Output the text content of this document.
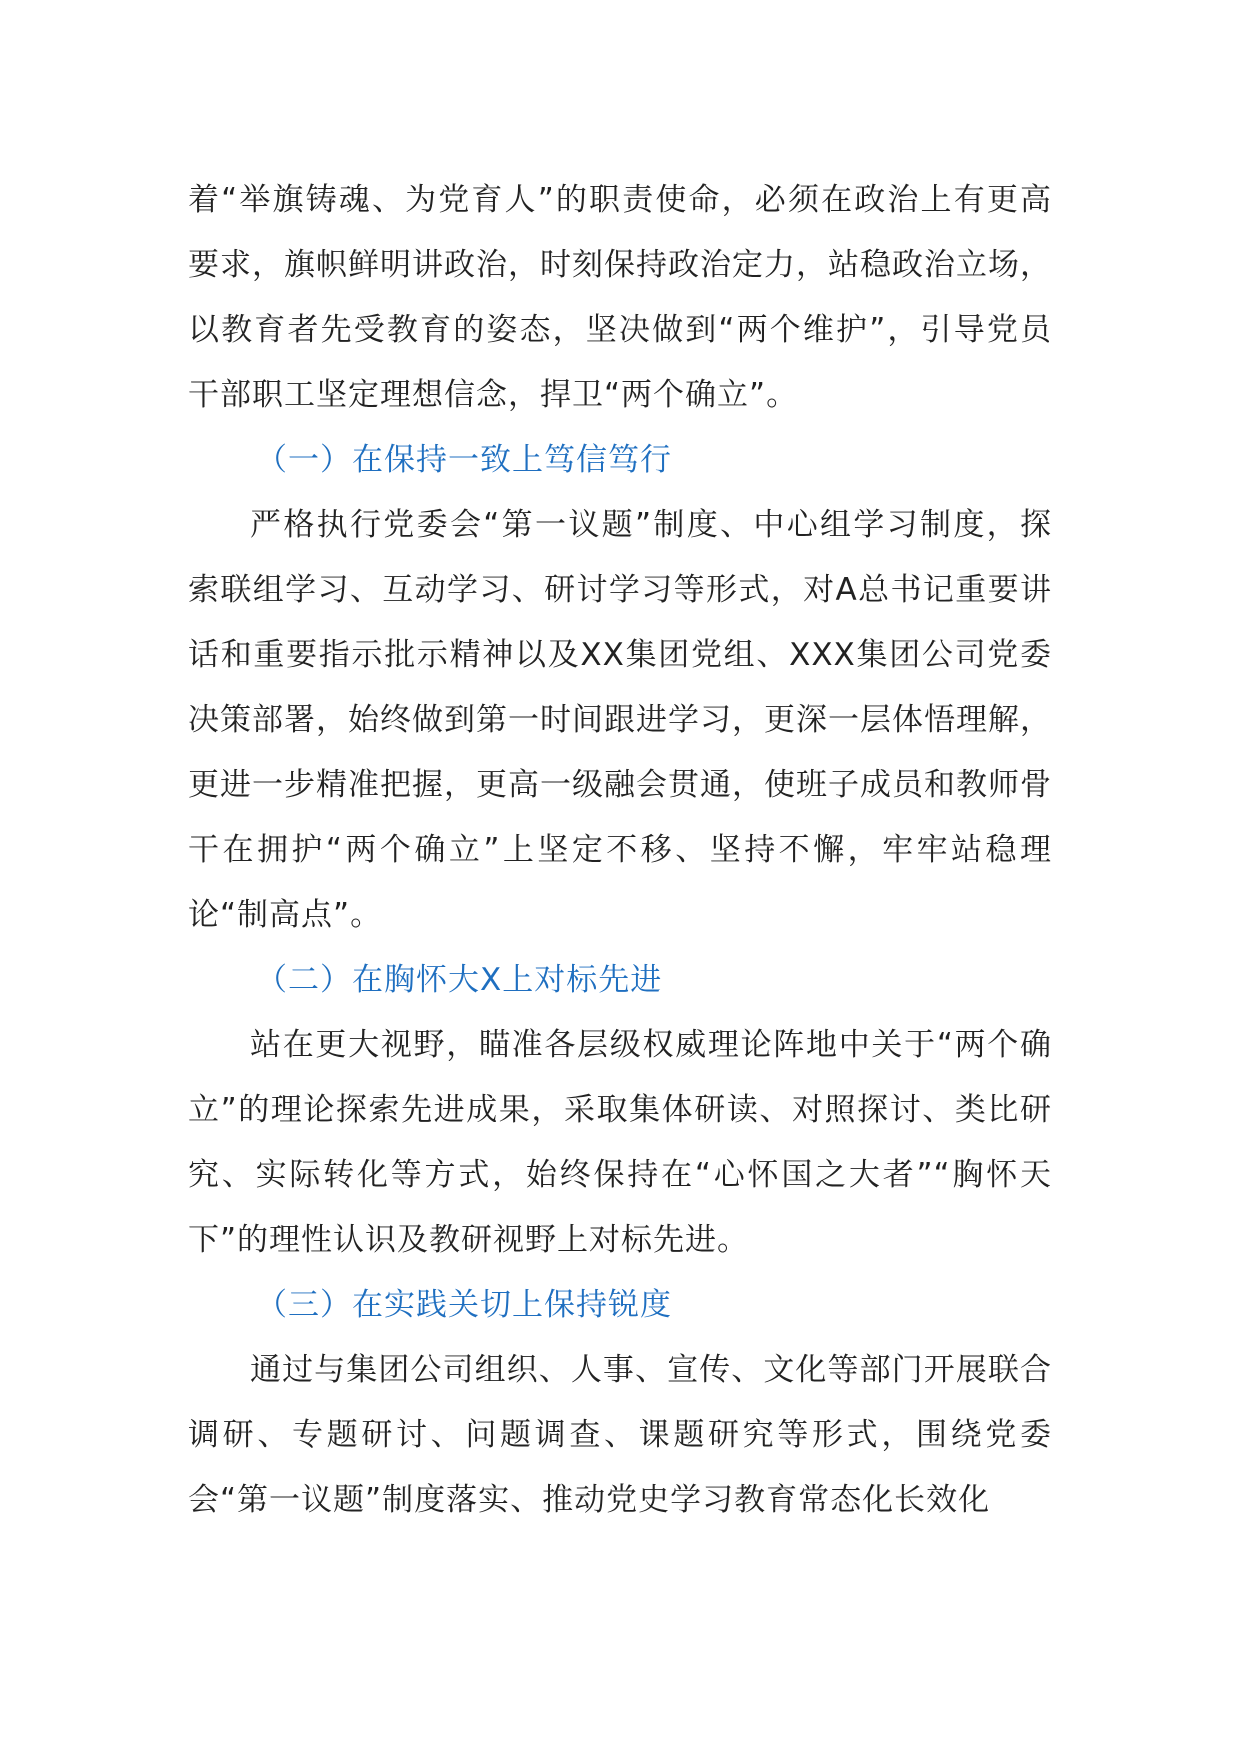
着“举旗铸魂、为党育人”的职责使命，必须在政治上有更高要求，旗帜鲜明讲政治，时刻保持政治定力，站稳政治立场，以教育者先受教育的姿态，坚决做到“两个维护”，引导党员干部职工坚定理想信念，捍卫“两个确立”。

（一）在保持一致上笃信笃行

严格执行党委会“第一议题”制度、中心组学习制度，探索联组学习、互动学习、研讨学习等形式，对A总书记重要讲话和重要指示批示精神以及XX集团党组、XXX集团公司党委决策部署，始终做到第一时间跟进学习，更深一层体悟理解，更进一步精准把握，更高一级融会贯通，使班子成员和教师骨干在拥护“两个确立”上坚定不移、坚持不懈，牢牢站稳理论“制高点”。

（二）在胸怀大X上对标先进

站在更大视野，瞄准各层级权威理论阵地中关于“两个确立”的理论探索先进成果，采取集体研读、对照探讨、类比研究、实际转化等方式，始终保持在“心怀国之大者”“胸怀天下”的理性认识及教研视野上对标先进。

（三）在实践关切上保持锐度

通过与集团公司组织、人事、宣传、文化等部门开展联合调研、专题研讨、问题调查、课题研究等形式，围绕党委会“第一议题”制度落实、推动党史学习教育常态化长效化
